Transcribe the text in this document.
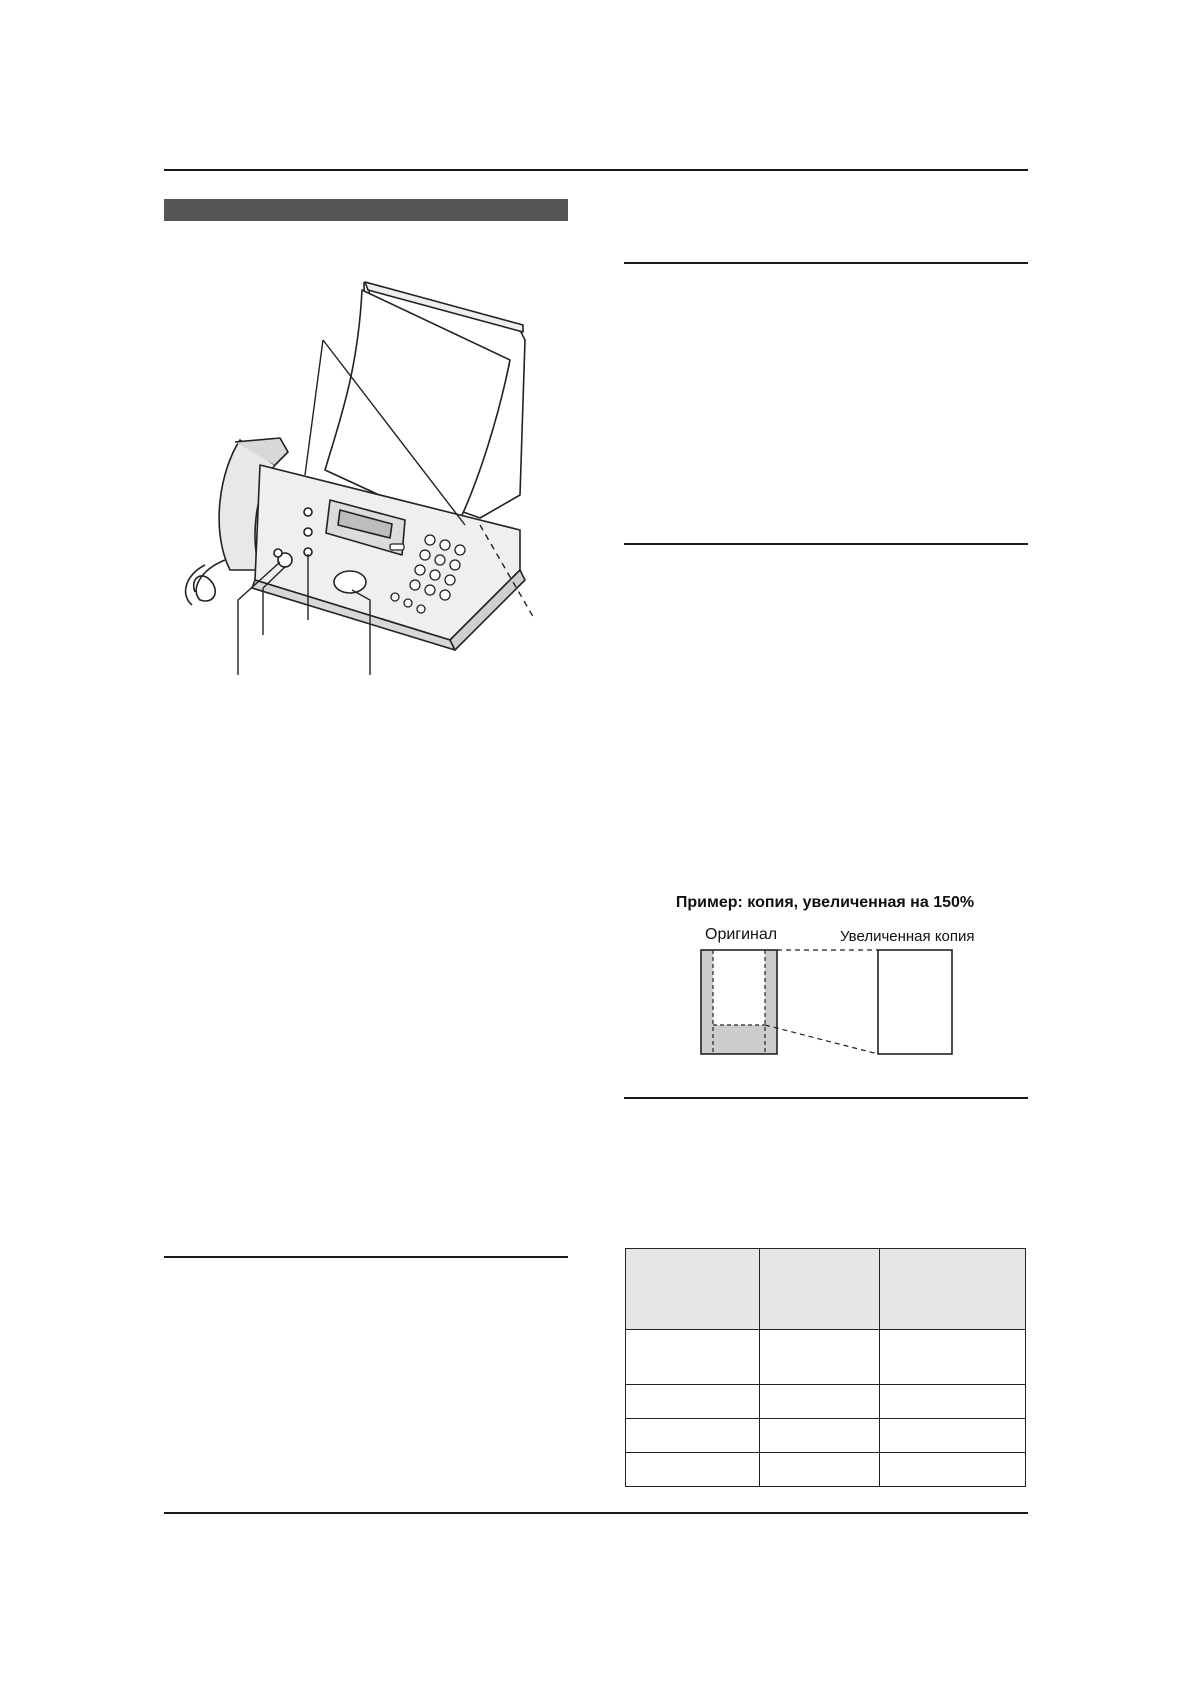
Пример: копия, увеличенная на 150%
Оригинал	Увеличенная копия
